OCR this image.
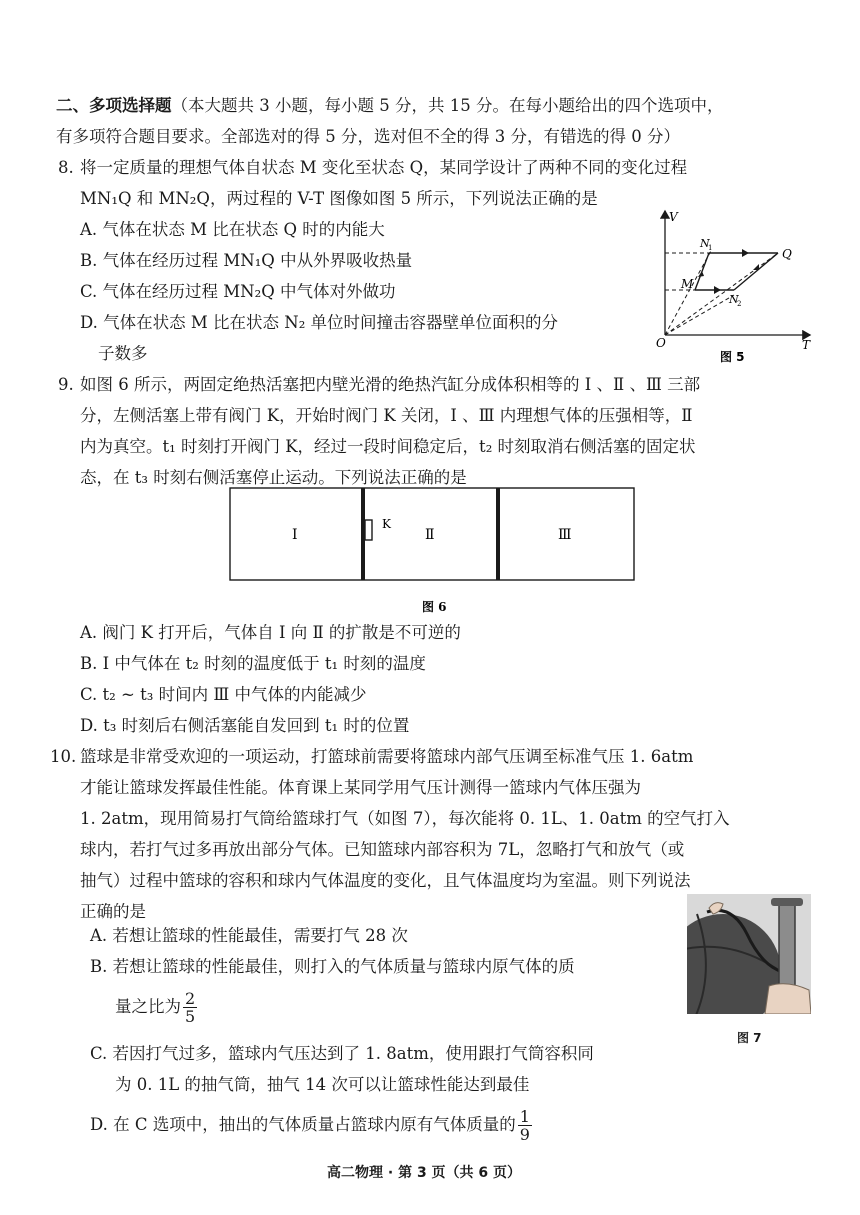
二、多项选择题（本大题共 3 小题，每小题 5 分，共 15 分。在每小题给出的四个选项中，
有多项符合题目要求。全部选对的得 5 分，选对但不全的得 3 分，有错选的得 0 分）
8. 将一定质量的理想气体自状态 M 变化至状态 Q，某同学设计了两种不同的变化过程
MN₁Q 和 MN₂Q，两过程的 V-T 图像如图 5 所示，下列说法正确的是
A. 气体在状态 M 比在状态 Q 时的内能大
B. 气体在经历过程 MN₁Q 中从外界吸收热量
C. 气体在经历过程 MN₂Q 中气体对外做功
D. 气体在状态 M 比在状态 N₂ 单位时间撞击容器壁单位面积的分
子数多
V
T
O
M
N
1
N
2
Q
图 5
9. 如图 6 所示，两固定绝热活塞把内壁光滑的绝热汽缸分成体积相等的 Ⅰ 、Ⅱ 、Ⅲ 三部
分，左侧活塞上带有阀门 K，开始时阀门 K 关闭，Ⅰ 、Ⅲ 内理想气体的压强相等，Ⅱ
内为真空。t₁ 时刻打开阀门 K，经过一段时间稳定后，t₂ 时刻取消右侧活塞的固定状
态，在 t₃ 时刻右侧活塞停止运动。下列说法正确的是
Ⅰ
K
Ⅱ	Ⅲ
图 6
A. 阀门 K 打开后，气体自 Ⅰ 向 Ⅱ 的扩散是不可逆的
B. Ⅰ 中气体在 t₂ 时刻的温度低于 t₁ 时刻的温度
C. t₂ ~ t₃ 时间内 Ⅲ 中气体的内能减少
D. t₃ 时刻后右侧活塞能自发回到 t₁ 时的位置
10. 篮球是非常受欢迎的一项运动，打篮球前需要将篮球内部气压调至标准气压 1. 6atm
才能让篮球发挥最佳性能。体育课上某同学用气压计测得一篮球内气体压强为
1. 2atm，现用简易打气筒给篮球打气（如图 7），每次能将 0. 1L、1. 0atm 的空气打入
球内，若打气过多再放出部分气体。已知篮球内部容积为 7L，忽略打气和放气（或
抽气）过程中篮球的容积和球内气体温度的变化，且气体温度均为室温。则下列说法
正确的是
A. 若想让篮球的性能最佳，需要打气 28 次
B. 若想让篮球的性能最佳，则打入的气体质量与篮球内原气体的质
量之比为 $\frac{2}{5}$
C. 若因打气过多，篮球内气压达到了 1. 8atm，使用跟打气筒容积同
为 0. 1L 的抽气筒，抽气 14 次可以让篮球性能达到最佳
D. 在 C 选项中，抽出的气体质量占篮球内原有气体质量的 $\frac{1}{9}$
图 7
高二物理 · 第 3 页（共 6 页）
